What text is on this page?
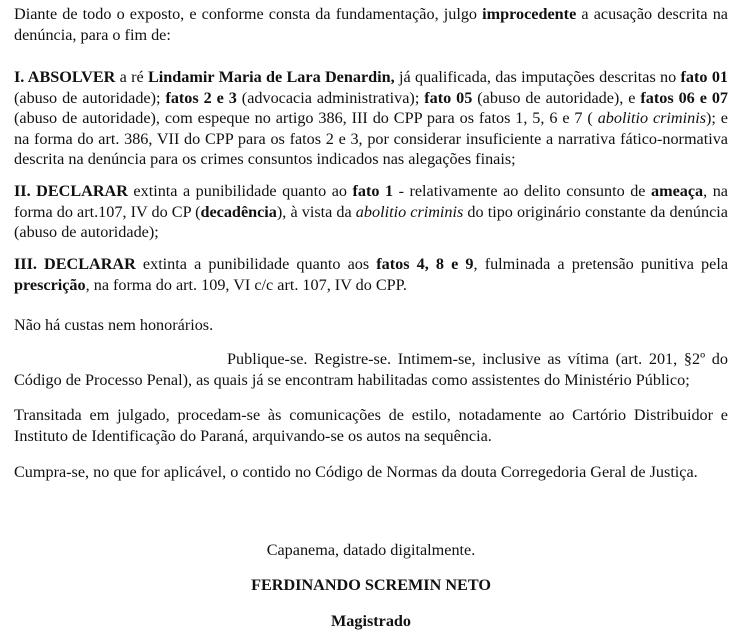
Diante de todo o exposto, e conforme consta da fundamentação, julgo improcedente a acusação descrita na denúncia, para o fim de:

I. ABSOLVER a ré Lindamir Maria de Lara Denardin, já qualificada, das imputações descritas no fato 01 (abuso de autoridade); fatos 2 e 3 (advocacia administrativa); fato 05 (abuso de autoridade), e fatos 06 e 07 (abuso de autoridade), com espeque no artigo 386, III do CPP para os fatos 1, 5, 6 e 7 ( abolitio criminis); e na forma do art. 386, VII do CPP para os fatos 2 e 3, por considerar insuficiente a narrativa fático-normativa descrita na denúncia para os crimes consuntos indicados nas alegações finais;

II. DECLARAR extinta a punibilidade quanto ao fato 1 - relativamente ao delito consunto de ameaça, na forma do art.107, IV do CP (decadência), à vista da abolitio criminis do tipo originário constante da denúncia (abuso de autoridade);

III. DECLARAR extinta a punibilidade quanto aos fatos 4, 8 e 9, fulminada a pretensão punitiva pela prescrição, na forma do art. 109, VI c/c art. 107, IV do CPP.

Não há custas nem honorários.

Publique-se. Registre-se. Intimem-se, inclusive as vítima (art. 201, §2º do Código de Processo Penal), as quais já se encontram habilitadas como assistentes do Ministério Público;

Transitada em julgado, procedam-se às comunicações de estilo, notadamente ao Cartório Distribuidor e Instituto de Identificação do Paraná, arquivando-se os autos na sequência.

Cumpra-se, no que for aplicável, o contido no Código de Normas da douta Corregedoria Geral de Justiça.

Capanema, datado digitalmente.
FERDINANDO SCREMIN NETO
Magistrado
